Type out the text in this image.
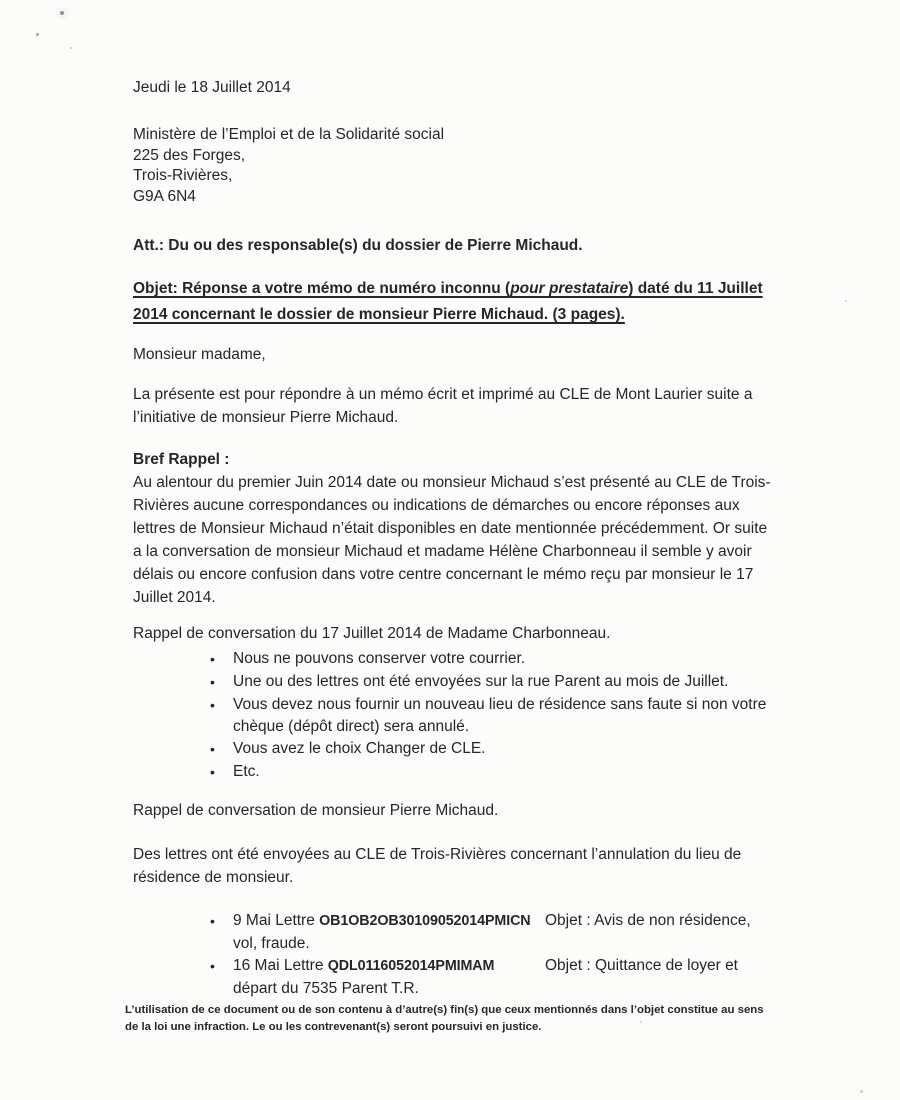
Jeudi le 18 Juillet 2014

Ministère de l’Emploi et de la Solidarité social

225 des Forges,

Trois-Rivières,

G9A 6N4

Att.: Du ou des responsable(s) du dossier de Pierre Michaud.

Objet: Réponse a votre mémo de numéro inconnu (pour prestataire) daté du 11 Juillet 2014 concernant le dossier de monsieur Pierre Michaud. (3 pages).

Monsieur madame,

La présente est pour répondre à un mémo écrit et imprimé au CLE de Mont Laurier suite a l’initiative de monsieur Pierre Michaud.

Bref Rappel :

Au alentour du premier Juin 2014 date ou monsieur Michaud s’est présenté au CLE de Trois-Rivières aucune correspondances ou indications de démarches ou encore réponses aux lettres de Monsieur Michaud n’était disponibles en date mentionnée précédemment. Or suite a la conversation de monsieur Michaud et madame Hélène Charbonneau il semble y avoir délais ou encore confusion dans votre centre concernant le mémo reçu par monsieur le 17 Juillet 2014.

Rappel de conversation du 17 Juillet 2014 de Madame Charbonneau.

•
Nous ne pouvons conserver votre courrier.
•
Une ou des lettres ont été envoyées sur la rue Parent au mois de Juillet.
•
Vous devez nous fournir un nouveau lieu de résidence sans faute si non votre chèque (dépôt direct) sera annulé.
•
Vous avez le choix Changer de CLE.
•
Etc.

Rappel de conversation de monsieur Pierre Michaud.

Des lettres ont été envoyées au CLE de Trois-Rivières concernant l’annulation du lieu de résidence de monsieur.

•
9 Mai Lettre OB1OB2OB30109052014PMICN Objet : Avis de non résidence,
vol, fraude.
•
16 Mai Lettre QDL0116052014PMIMAM	Objet : Quittance de loyer et
départ du 7535 Parent T.R.

L’utilisation de ce document ou de son contenu à d’autre(s) fin(s) que ceux mentionnés dans l’objet constitue au sens de la loi une infraction. Le ou les contrevenant(s) seront poursuivi en justice.
